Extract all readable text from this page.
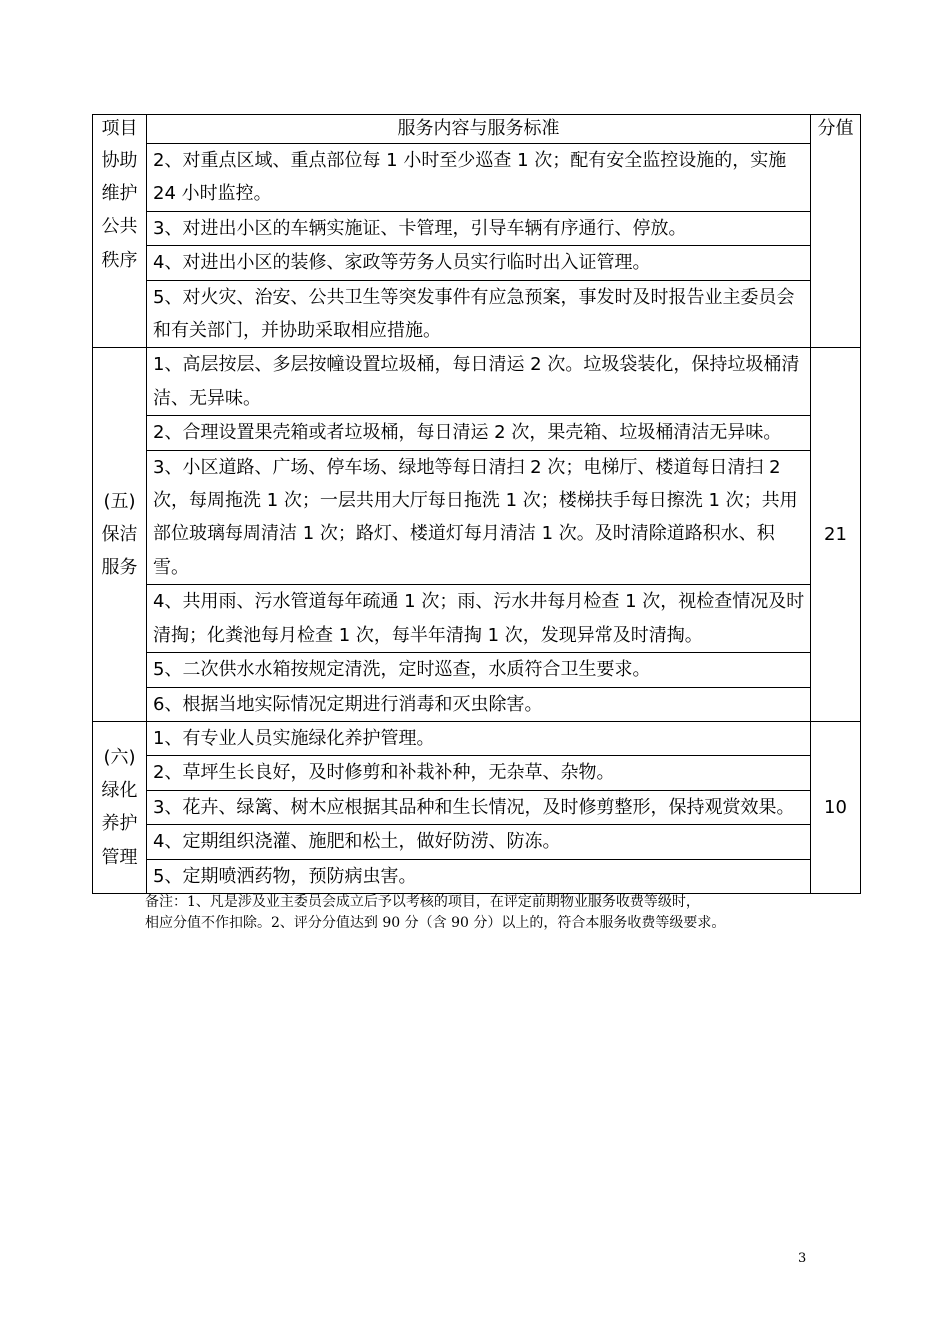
项目	服务内容与服务标准	分值

协助
维护
公共
秩序	2、对重点区域、重点部位每 1 小时至少巡查 1 次；配有安全监控设施的，实施 24 小时监控。	
	3、对进出小区的车辆实施证、卡管理，引导车辆有序通行、停放。	
	4、对进出小区的装修、家政等劳务人员实行临时出入证管理。	
	5、对火灾、治安、公共卫生等突发事件有应急预案，事发时及时报告业主委员会和有关部门，并协助采取相应措施。	

(五)
保洁
服务	1、高层按层、多层按幢设置垃圾桶，每日清运 2 次。垃圾袋装化，保持垃圾桶清洁、无异味。	21
	2、合理设置果壳箱或者垃圾桶，每日清运 2 次，果壳箱、垃圾桶清洁无异味。	
	3、小区道路、广场、停车场、绿地等每日清扫 2 次；电梯厅、楼道每日清扫 2 次，每周拖洗 1 次；一层共用大厅每日拖洗 1 次；楼梯扶手每日擦洗 1 次；共用部位玻璃每周清洁 1 次；路灯、楼道灯每月清洁 1 次。及时清除道路积水、积雪。	
	4、共用雨、污水管道每年疏通 1 次；雨、污水井每月检查 1 次，视检查情况及时清掏；化粪池每月检查 1 次，每半年清掏 1 次，发现异常及时清掏。	
	5、二次供水水箱按规定清洗，定时巡查，水质符合卫生要求。	
	6、根据当地实际情况定期进行消毒和灭虫除害。	

(六)
绿化
养护
管理	1、有专业人员实施绿化养护管理。	10
	2、草坪生长良好，及时修剪和补栽补种，无杂草、杂物。	
	3、花卉、绿篱、树木应根据其品种和生长情况，及时修剪整形，保持观赏效果。	
	4、定期组织浇灌、施肥和松土，做好防涝、防冻。	
	5、定期喷洒药物，预防病虫害。	
备注：1、凡是涉及业主委员会成立后予以考核的项目，在评定前期物业服务收费等级时，
相应分值不作扣除。2、评分分值达到 90 分（含 90 分）以上的，符合本服务收费等级要求。
3
